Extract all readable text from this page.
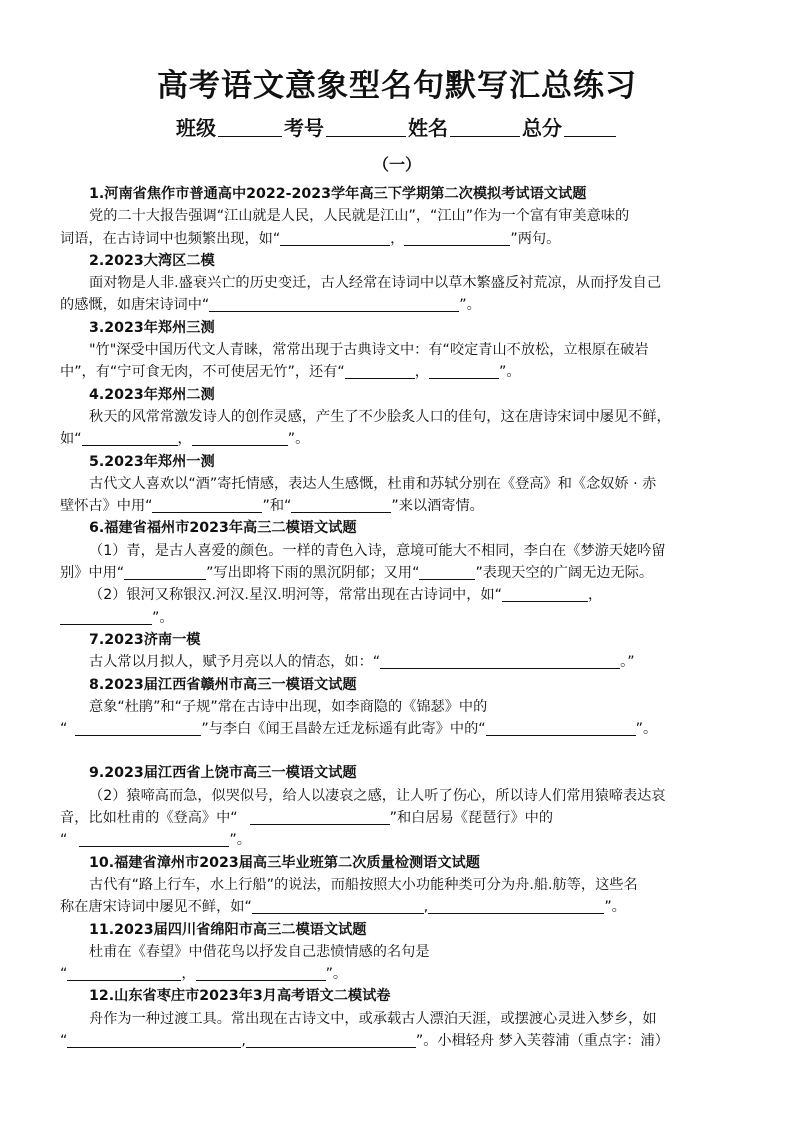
高考语文意象型名句默写汇总练习
班级	考号	姓名	总分
（一）
1.河南省焦作市普通高中2022-2023学年高三下学期第二次模拟考试语文试题
党的二十大报告强调“江山就是人民，人民就是江山”，“江山”作为一个富有审美意味的
词语，在古诗词中也频繁出现，如“	，	”两句。
2.2023大湾区二模
面对物是人非.盛衰兴亡的历史变迁，古人经常在诗词中以草木繁盛反衬荒凉，从而抒发自己
的感慨，如唐宋诗词中“	”。
3.2023年郑州三测
"竹"深受中国历代文人青睐，常常出现于古典诗文中：有“咬定青山不放松，立根原在破岩
中”，有“宁可食无肉，不可使居无竹”，还有“	，	”。
4.2023年郑州二测
秋天的风常常激发诗人的创作灵感，产生了不少脍炙人口的佳句，这在唐诗宋词中屡见不鲜，
如“	，	”。
5.2023年郑州一测
古代文人喜欢以“酒”寄托情感，表达人生感慨，杜甫和苏轼分别在《登高》和《念奴娇 · 赤
壁怀古》中用“	”和“	”来以酒寄情。
6.福建省福州市2023年高三二模语文试题
（1）青，是古人喜爱的颜色。一样的青色入诗，意境可能大不相同，李白在《梦游天姥吟留
别》中用“	”写出即将下雨的黑沉阴郁；又用“	”表现天空的广阔无边无际。
（2）银河又称银汉.河汉.星汉.明河等，常常出现在古诗词中，如“	，
”。
7.2023济南一模
古人常以月拟人，赋予月亮以人的情态，如：“	。”
8.2023届江西省赣州市高三一模语文试题
意象“杜鹃”和“子规”常在古诗中出现，如李商隐的《锦瑟》中的
“	”与李白《闻王昌龄左迁龙标遥有此寄》中的“	”。
9.2023届江西省上饶市高三一模语文试题
（2）猿啼高而急，似哭似号，给人以凄哀之感，让人听了伤心，所以诗人们常用猿啼表达哀
音，比如杜甫的《登高》中“	”和白居易《琵琶行》中的
“	”。
10.福建省漳州市2023届高三毕业班第二次质量检测语文试题
古代有“路上行车，水上行船”的说法，而船按照大小功能种类可分为舟.船.舫等，这些名
称在唐宋诗词中屡见不鲜，如“	,	”。
11.2023届四川省绵阳市高三二模语文试题
杜甫在《春望》中借花鸟以抒发自己悲愤情感的名句是
“	，	”。
12.山东省枣庄市2023年3月高考语文二模试卷
舟作为一种过渡工具。常出现在古诗文中，或承载古人漂泊天涯，或摆渡心灵进入梦乡，如
“	,	”。小楫轻舟 梦入芙蓉浦（重点字：浦）
